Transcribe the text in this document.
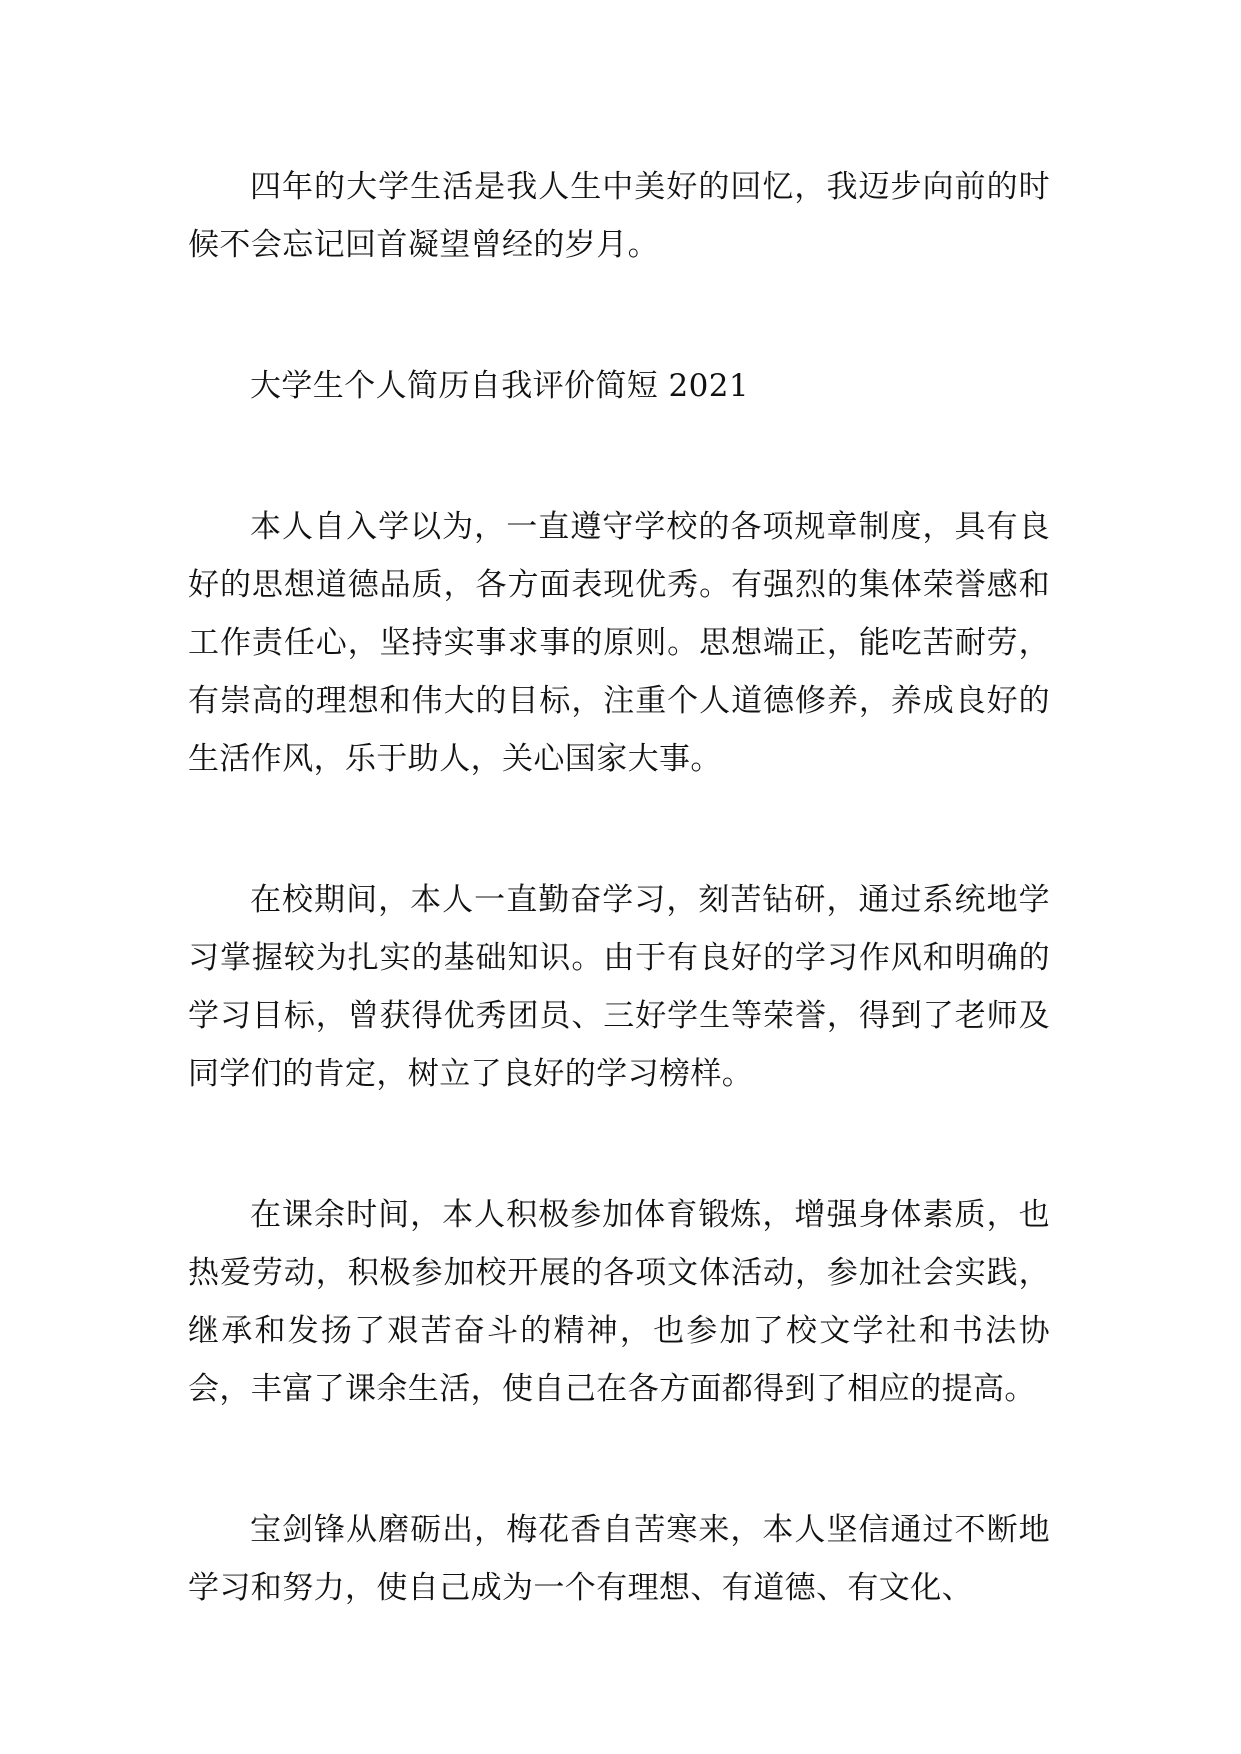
四年的大学生活是我人生中美好的回忆，我迈步向前的时候不会忘记回首凝望曾经的岁月。

大学生个人简历自我评价简短 2021

本人自入学以为，一直遵守学校的各项规章制度，具有良好的思想道德品质，各方面表现优秀。有强烈的集体荣誉感和工作责任心，坚持实事求事的原则。思想端正，能吃苦耐劳，有崇高的理想和伟大的目标，注重个人道德修养，养成良好的生活作风，乐于助人，关心国家大事。

在校期间，本人一直勤奋学习，刻苦钻研，通过系统地学习掌握较为扎实的基础知识。由于有良好的学习作风和明确的学习目标，曾获得优秀团员、三好学生等荣誉，得到了老师及同学们的肯定，树立了良好的学习榜样。

在课余时间，本人积极参加体育锻炼，增强身体素质，也热爱劳动，积极参加校开展的各项文体活动，参加社会实践，继承和发扬了艰苦奋斗的精神，也参加了校文学社和书法协会，丰富了课余生活，使自己在各方面都得到了相应的提高。

宝剑锋从磨砺出，梅花香自苦寒来，本人坚信通过不断地学习和努力，使自己成为一个有理想、有道德、有文化、
